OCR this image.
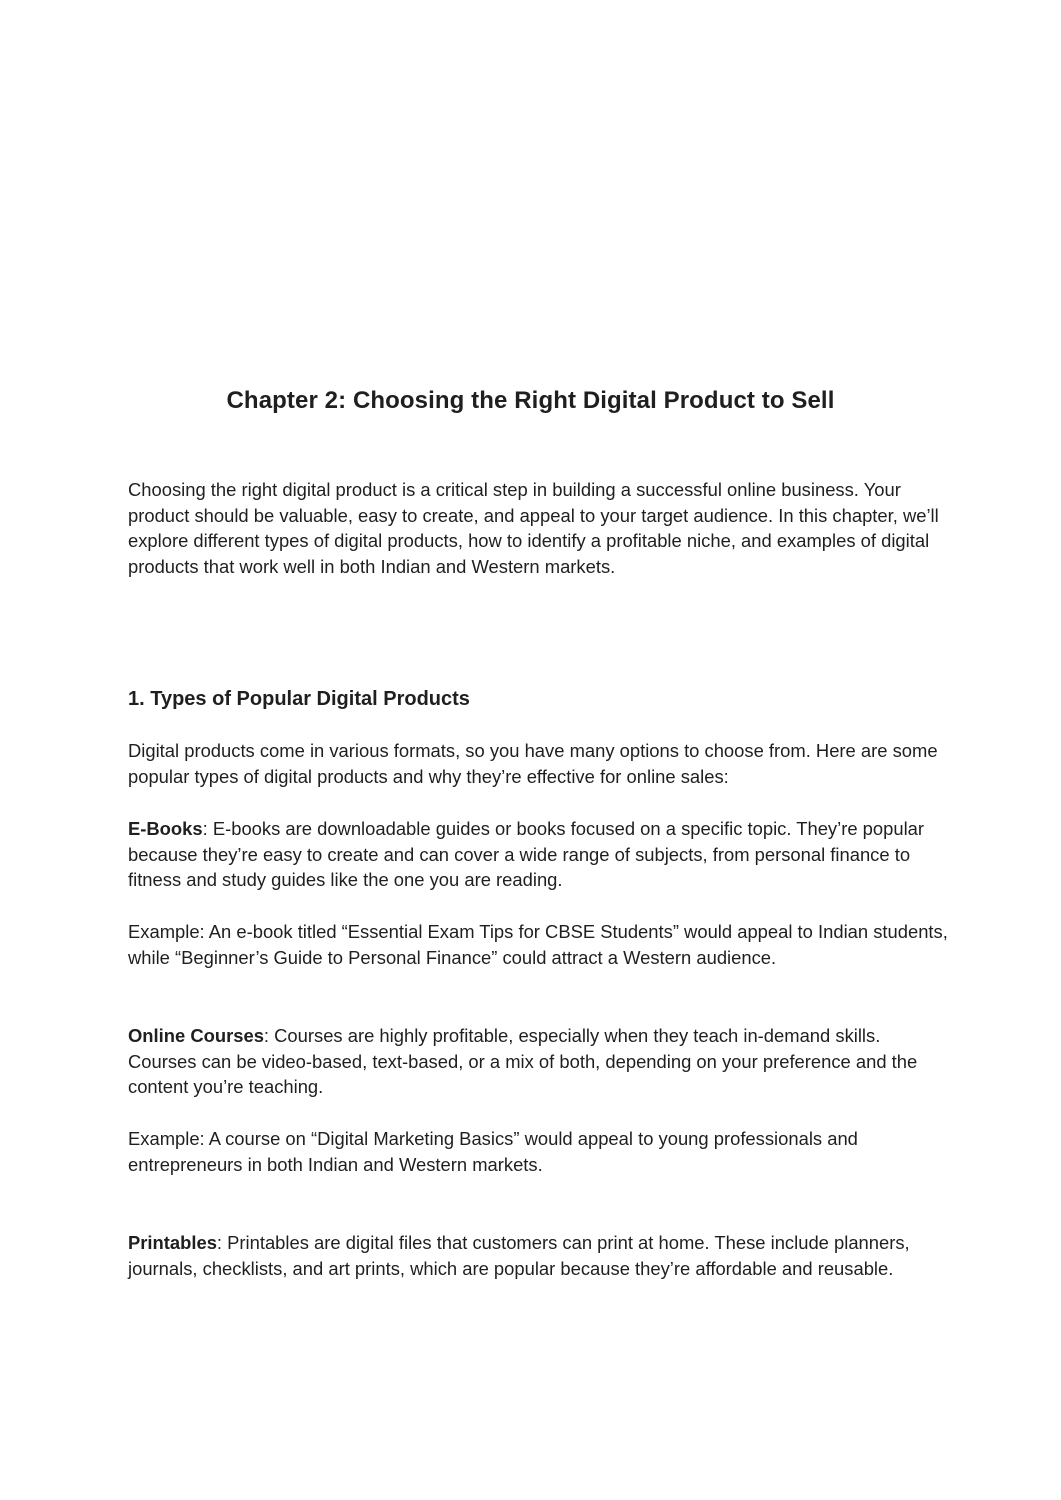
Chapter 2: Choosing the Right Digital Product to Sell

Choosing the right digital product is a critical step in building a successful online business. Your product should be valuable, easy to create, and appeal to your target audience. In this chapter, we’ll explore different types of digital products, how to identify a profitable niche, and examples of digital products that work well in both Indian and Western markets.

1. Types of Popular Digital Products

Digital products come in various formats, so you have many options to choose from. Here are some popular types of digital products and why they’re effective for online sales:

E-Books: E-books are downloadable guides or books focused on a specific topic. They’re popular because they’re easy to create and can cover a wide range of subjects, from personal finance to fitness and study guides like the one you are reading.

Example: An e-book titled “Essential Exam Tips for CBSE Students” would appeal to Indian students, while “Beginner’s Guide to Personal Finance” could attract a Western audience.

Online Courses: Courses are highly profitable, especially when they teach in-demand skills. Courses can be video-based, text-based, or a mix of both, depending on your preference and the content you’re teaching.

Example: A course on “Digital Marketing Basics” would appeal to young professionals and entrepreneurs in both Indian and Western markets.

Printables: Printables are digital files that customers can print at home. These include planners, journals, checklists, and art prints, which are popular because they’re affordable and reusable.
